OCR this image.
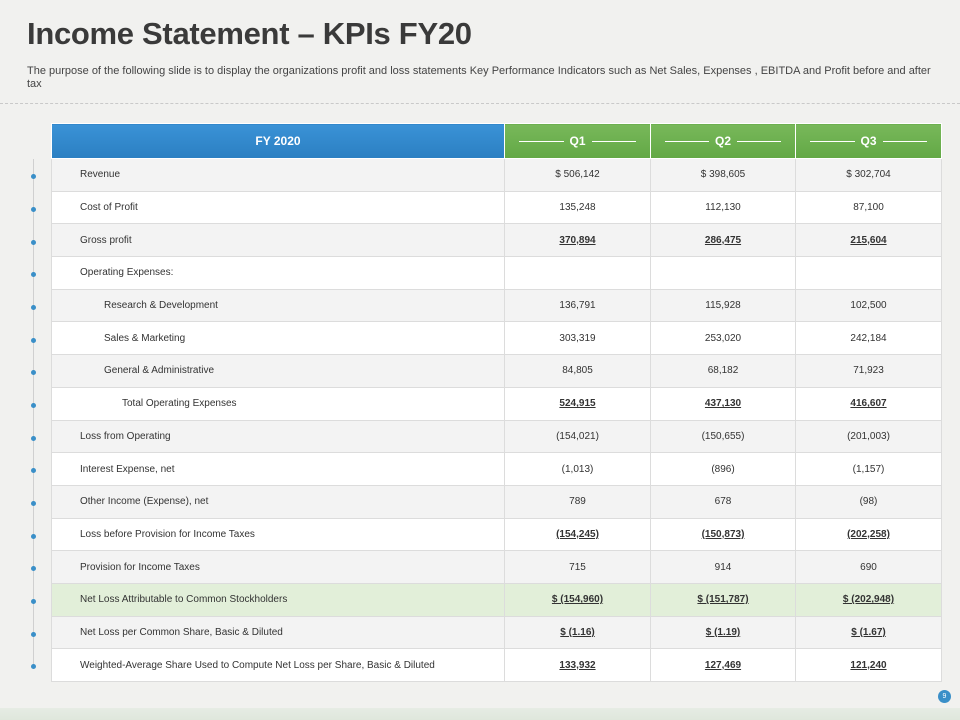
Income Statement – KPIs FY20
The purpose of the following slide is to display the organizations profit and loss statements Key Performance Indicators such as Net Sales, Expenses , EBITDA and Profit before and after tax
FY 2020	Q1	Q2	Q3

Revenue	$ 506,142	$ 398,605	$ 302,704
Cost of Profit	135,248	112,130	87,100
Gross profit	370,894	286,475	215,604
Operating Expenses:			
Research & Development	136,791	115,928	102,500
Sales & Marketing	303,319	253,020	242,184
General & Administrative	84,805	68,182	71,923
Total Operating Expenses	524,915	437,130	416,607
Loss from Operating	(154,021)	(150,655)	(201,003)
Interest Expense, net	(1,013)	(896)	(1,157)
Other Income (Expense), net	789	678	(98)
Loss before Provision for Income Taxes	(154,245)	(150,873)	(202,258)
Provision for Income Taxes	715	914	690
Net Loss Attributable to Common Stockholders	$ (154,960)	$ (151,787)	$ (202,948)
Net Loss per Common Share, Basic & Diluted	$ (1.16)	$ (1.19)	$ (1.67)
Weighted-Average Share Used to Compute Net Loss per Share, Basic & Diluted	133,932	127,469	121,240
9
